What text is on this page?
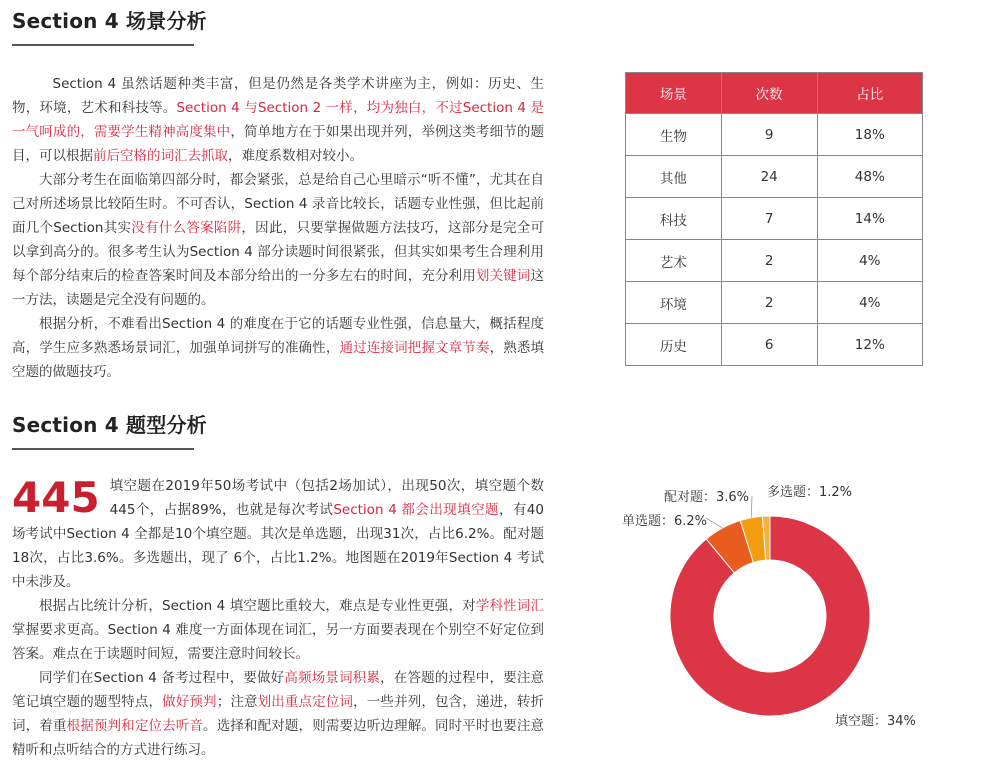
Section 4 场景分析

Section 4 虽然话题种类丰富，但是仍然是各类学术讲座为主，例如：历史、生物，环境，艺术和科技等。Section 4 与Section 2 一样，均为独白，不过Section 4 是一气呵成的，需要学生精神高度集中，简单地方在于如果出现并列，举例这类考细节的题目，可以根据前后空格的词汇去抓取，难度系数相对较小。

大部分考生在面临第四部分时，都会紧张，总是给自己心里暗示“听不懂”，尤其在自己对所述场景比较陌生时。不可否认，Section 4 录音比较长，话题专业性强，但比起前面几个Section其实没有什么答案陷阱，因此，只要掌握做题方法技巧，这部分是完全可以拿到高分的。很多考生认为Section 4 部分读题时间很紧张，但其实如果考生合理利用每个部分结束后的检查答案时间及本部分给出的一分多左右的时间，充分利用划关键词这一方法，读题是完全没有问题的。

根据分析，不难看出Section 4 的难度在于它的话题专业性强，信息量大，概括程度高，学生应多熟悉场景词汇，加强单词拼写的准确性，通过连接词把握文章节奏，熟悉填空题的做题技巧。

场景	次数	占比
生物	9	18%
其他	24	48%
科技	7	14%
艺术	2	4%
环境	2	4%
历史	6	12%
Section 4 题型分析
445 填空题在2019年50场考试中（包括2场加试），出现50次，填空题个数445个，占据89%，也就是每次考试Section 4 都会出现填空题，有40场考试中Section 4 全都是10个填空题。其次是单选题，出现31次，占比6.2%。配对题18次，占比3.6%。多选题出，现了 6个，占比1.2%。地图题在2019年Section 4 考试中未涉及。

根据占比统计分析，Section 4 填空题比重较大，难点是专业性更强，对学科性词汇掌握要求更高。Section 4 难度一方面体现在词汇，另一方面要表现在个别空不好定位到答案。难点在于读题时间短，需要注意时间较长。

同学们在Section 4 备考过程中，要做好高频场景词积累，在答题的过程中，要注意笔记填空题的题型特点，做好预判；注意划出重点定位词，一些并列，包含，递进，转折词，着重根据预判和定位去听音。选择和配对题，则需要边听边理解。同时平时也要注意精听和点听结合的方式进行练习。

填空题：34%
单选题：6.2%
配对题：3.6% 多选题：1.2%
